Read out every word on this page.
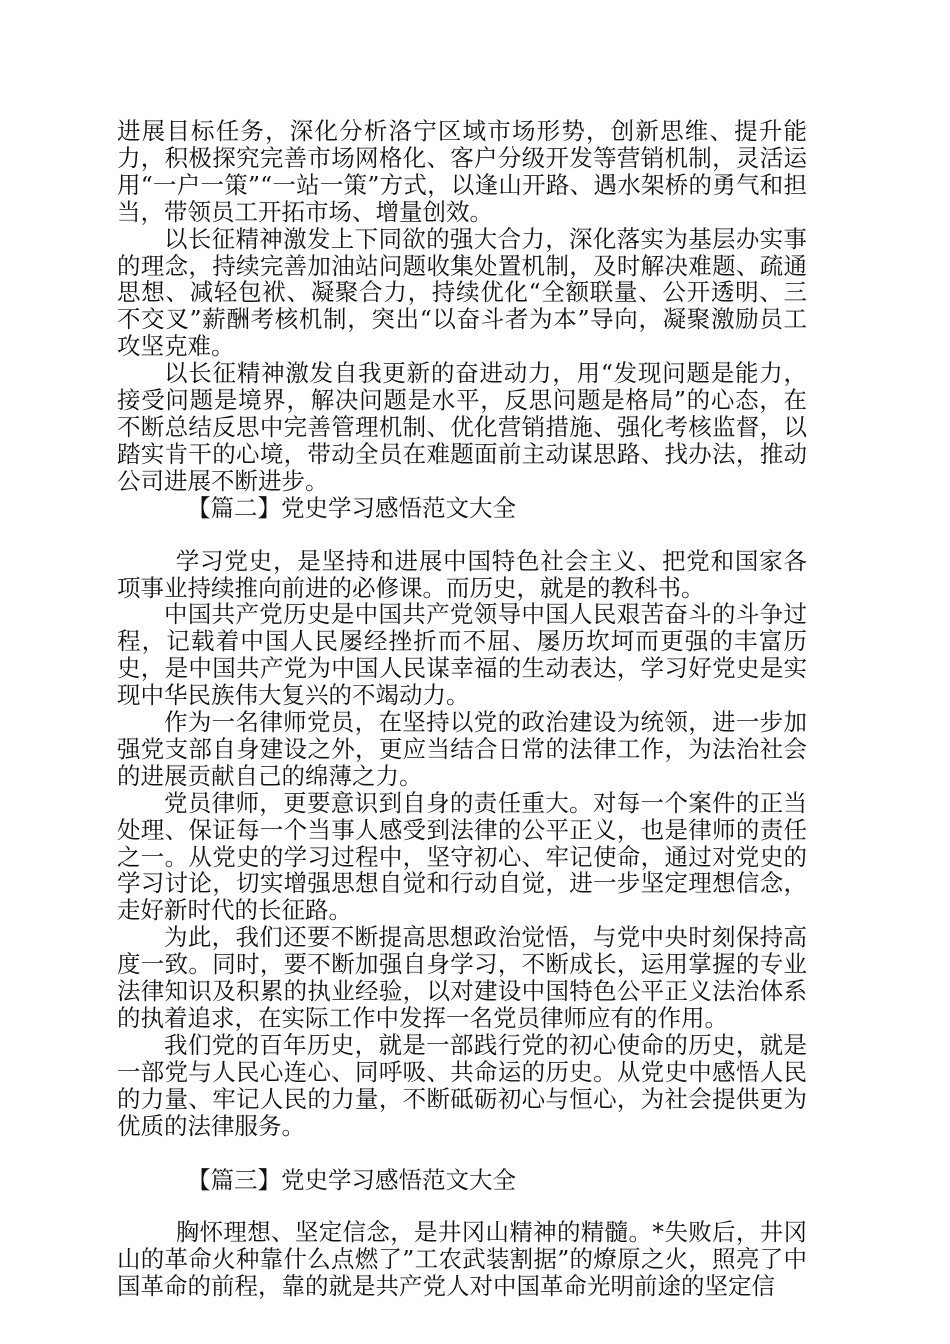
进展目标任务，深化分析洛宁区域市场形势，创新思维、提升能力，积极探究完善市场网格化、客户分级开发等营销机制，灵活运用“一户一策”“一站一策”方式，以逢山开路、遇水架桥的勇气和担当，带领员工开拓市场、增量创效。

以长征精神激发上下同欲的强大合力，深化落实为基层办实事的理念，持续完善加油站问题收集处置机制，及时解决难题、疏通思想、减轻包袱、凝聚合力，持续优化“全额联量、公开透明、三不交叉”薪酬考核机制，突出“以奋斗者为本”导向，凝聚激励员工攻坚克难。

以长征精神激发自我更新的奋进动力，用“发现问题是能力，接受问题是境界，解决问题是水平，反思问题是格局”的心态，在不断总结反思中完善管理机制、优化营销措施、强化考核监督，以踏实肯干的心境，带动全员在难题面前主动谋思路、找办法，推动公司进展不断进步。

【篇二】党史学习感悟范文大全

学习党史，是坚持和进展中国特色社会主义、把党和国家各项事业持续推向前进的必修课。而历史，就是的教科书。

中国共产党历史是中国共产党领导中国人民艰苦奋斗的斗争过程，记载着中国人民屡经挫折而不屈、屡历坎坷而更强的丰富历史，是中国共产党为中国人民谋幸福的生动表达，学习好党史是实现中华民族伟大复兴的不竭动力。

作为一名律师党员，在坚持以党的政治建设为统领，进一步加强党支部自身建设之外，更应当结合日常的法律工作，为法治社会的进展贡献自己的绵薄之力。

党员律师，更要意识到自身的责任重大。对每一个案件的正当处理、保证每一个当事人感受到法律的公平正义，也是律师的责任之一。从党史的学习过程中，坚守初心、牢记使命，通过对党史的学习讨论，切实增强思想自觉和行动自觉，进一步坚定理想信念，走好新时代的长征路。

为此，我们还要不断提高思想政治觉悟，与党中央时刻保持高度一致。同时，要不断加强自身学习，不断成长，运用掌握的专业法律知识及积累的执业经验，以对建设中国特色公平正义法治体系的执着追求，在实际工作中发挥一名党员律师应有的作用。

我们党的百年历史，就是一部践行党的初心使命的历史，就是一部党与人民心连心、同呼吸、共命运的历史。从党史中感悟人民的力量、牢记人民的力量，不断砥砺初心与恒心，为社会提供更为优质的法律服务。

【篇三】党史学习感悟范文大全

胸怀理想、坚定信念，是井冈山精神的精髓。*失败后，井冈山的革命火种靠什么点燃了”工农武装割据”的燎原之火，照亮了中国革命的前程，靠的就是共产党人对中国革命光明前途的坚定信
